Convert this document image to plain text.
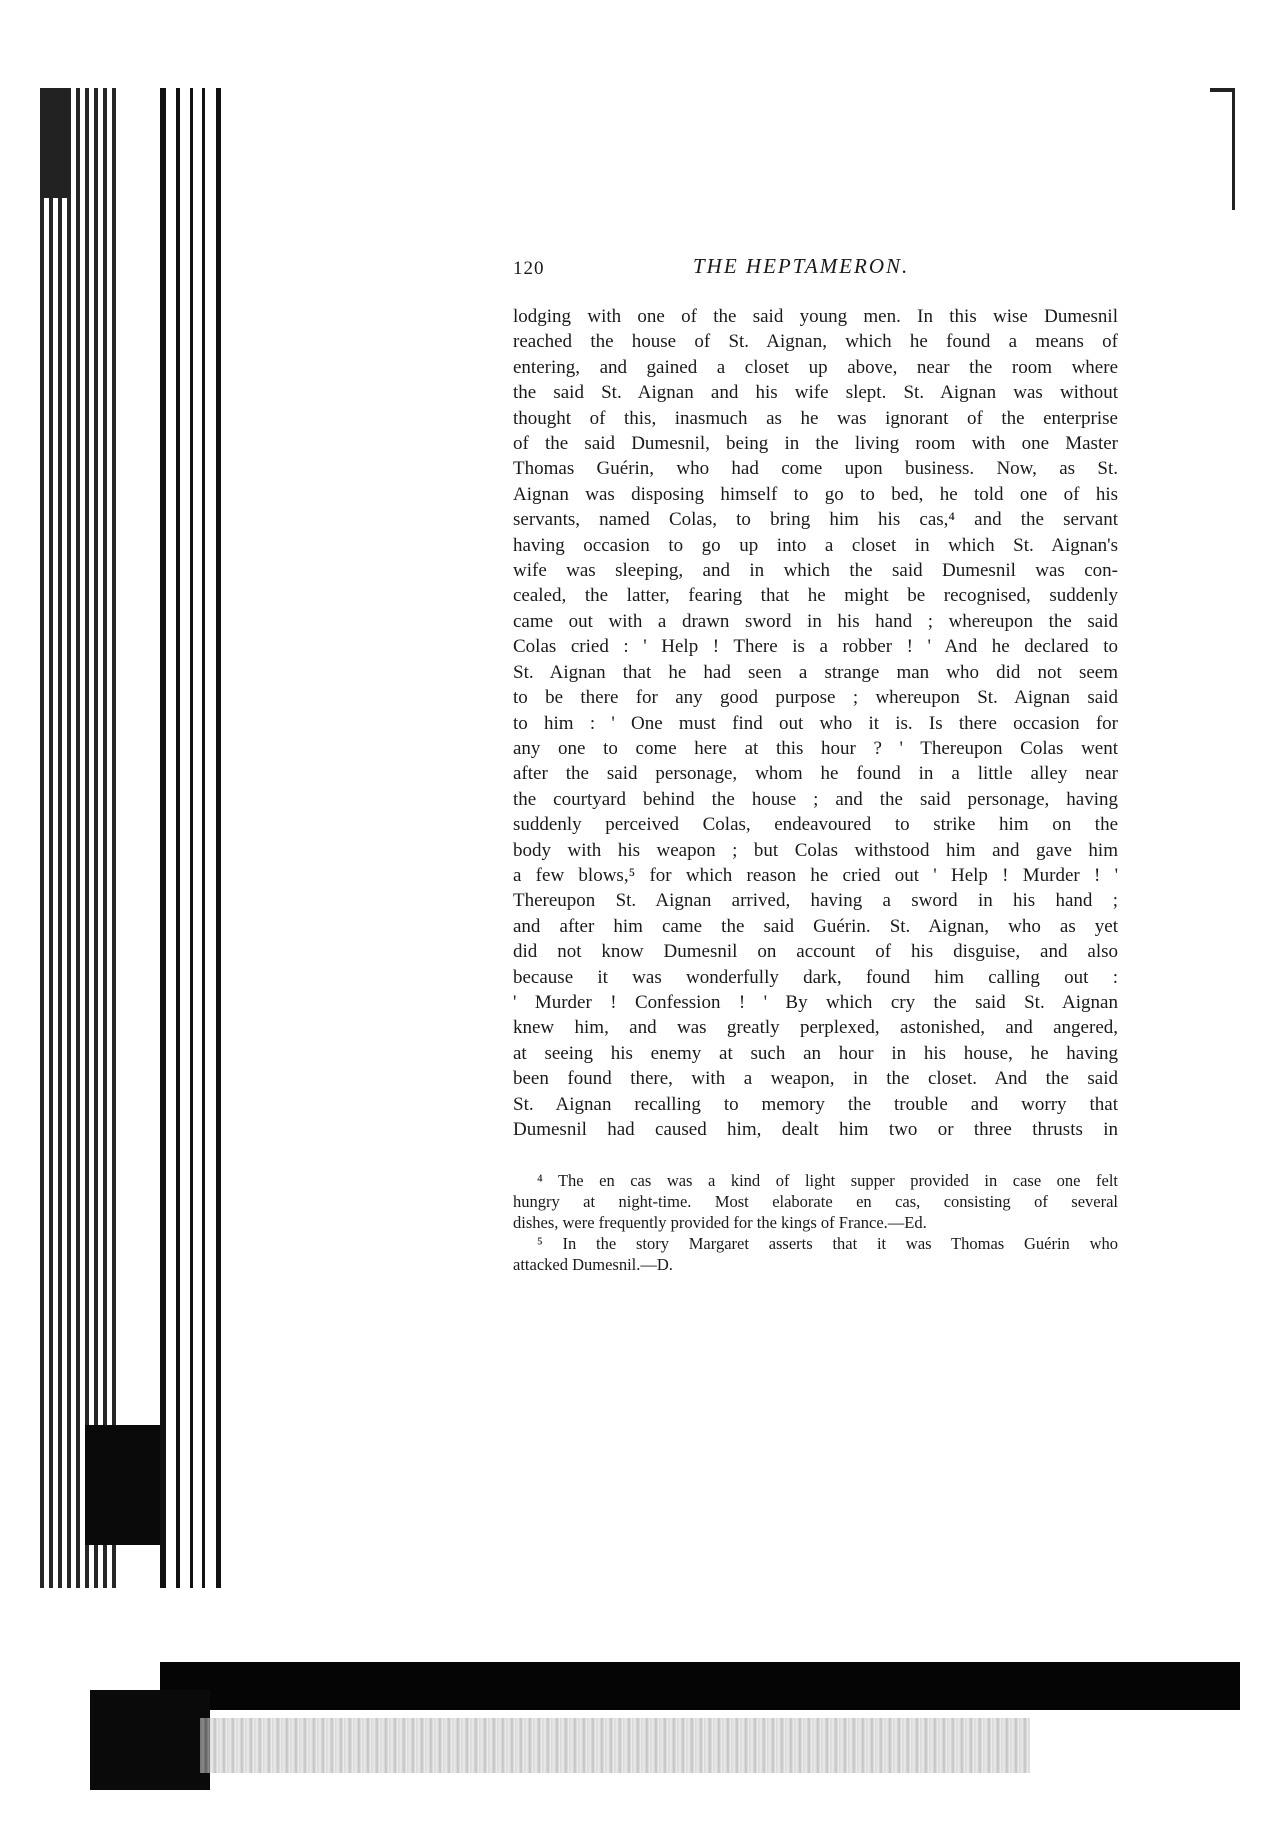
120	THE HEPTAMERON.
lodging with one of the said young men. In this wise Dumesnil
reached the house of St. Aignan, which he found a means of
entering, and gained a closet up above, near the room where
the said St. Aignan and his wife slept. St. Aignan was without
thought of this, inasmuch as he was ignorant of the enterprise
of the said Dumesnil, being in the living room with one Master
Thomas Guérin, who had come upon business. Now, as St.
Aignan was disposing himself to go to bed, he told one of his
servants, named Colas, to bring him his cas,⁴ and the servant
having occasion to go up into a closet in which St. Aignan's
wife was sleeping, and in which the said Dumesnil was con-
cealed, the latter, fearing that he might be recognised, suddenly
came out with a drawn sword in his hand ; whereupon the said
Colas cried : ' Help ! There is a robber ! ' And he declared to
St. Aignan that he had seen a strange man who did not seem
to be there for any good purpose ; whereupon St. Aignan said
to him : ' One must find out who it is. Is there occasion for
any one to come here at this hour ? ' Thereupon Colas went
after the said personage, whom he found in a little alley near
the courtyard behind the house ; and the said personage, having
suddenly perceived Colas, endeavoured to strike him on the
body with his weapon ; but Colas withstood him and gave him
a few blows,⁵ for which reason he cried out ' Help ! Murder ! '
Thereupon St. Aignan arrived, having a sword in his hand ;
and after him came the said Guérin. St. Aignan, who as yet
did not know Dumesnil on account of his disguise, and also
because it was wonderfully dark, found him calling out :
' Murder ! Confession ! ' By which cry the said St. Aignan
knew him, and was greatly perplexed, astonished, and angered,
at seeing his enemy at such an hour in his house, he having
been found there, with a weapon, in the closet. And the said
St. Aignan recalling to memory the trouble and worry that
Dumesnil had caused him, dealt him two or three thrusts in

⁴ The en cas was a kind of light supper provided in case one felt
hungry at night-time. Most elaborate en cas, consisting of several
dishes, were frequently provided for the kings of France.—Ed.

⁵ In the story Margaret asserts that it was Thomas Guérin who
attacked Dumesnil.—D.
